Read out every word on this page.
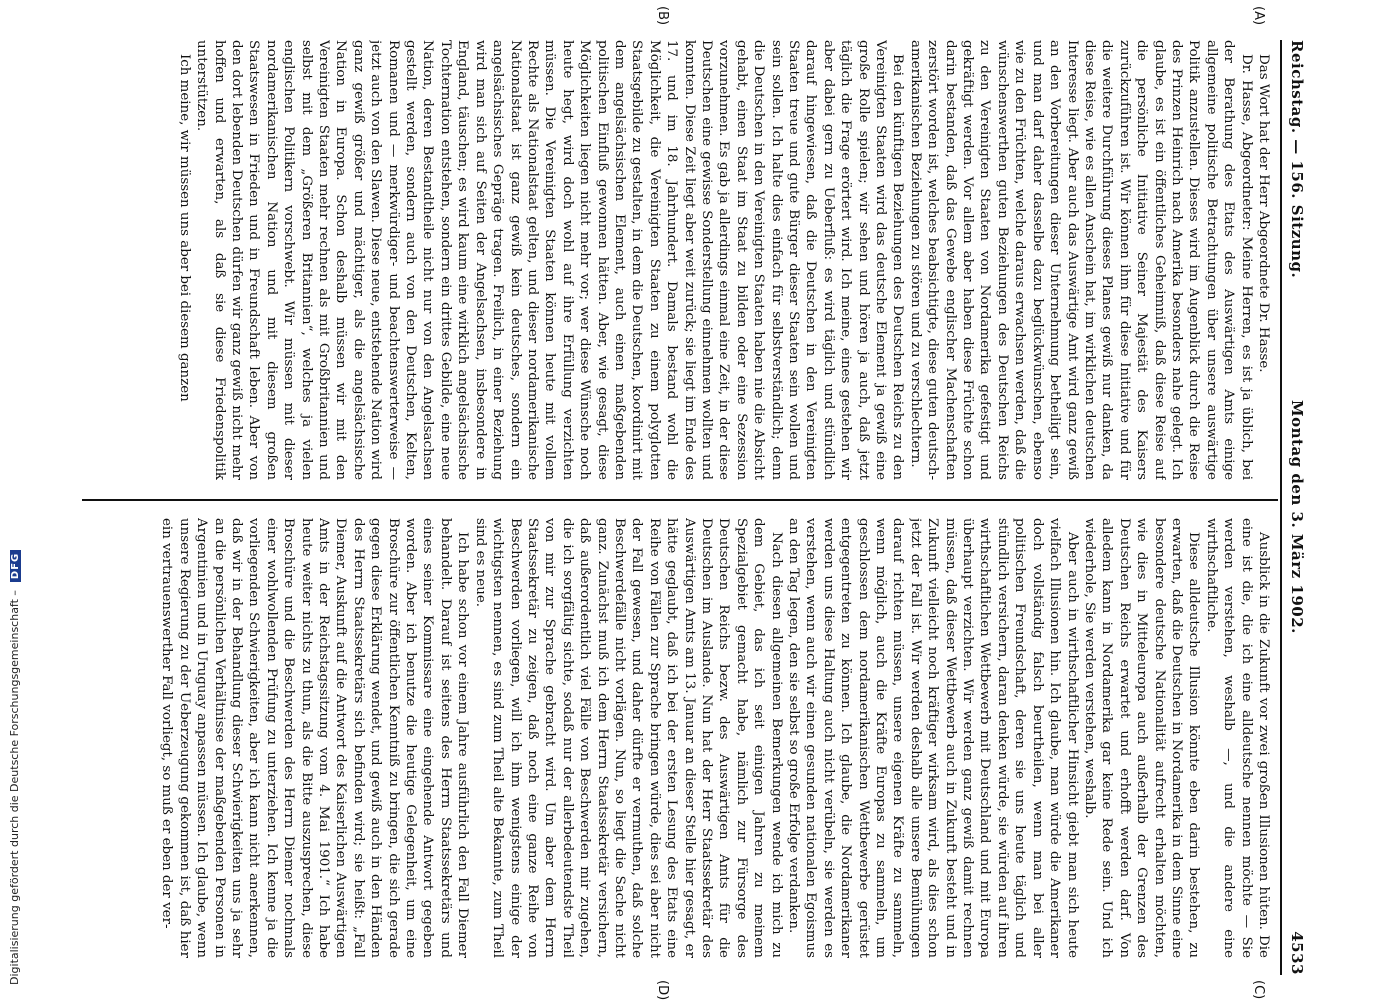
Reichstag. — 156. Sitzung.
Montag den 3. März 1902.
4533
(A)
(B)
(C)
(D)

Das Wort hat der Herr Abgeordnete Dr. Hasse.

Dr. Hasse, Abgeordneter: Meine Herren, es ist ja üblich, bei der Berathung des Etats des Auswärtigen Amts einige allgemeine politische Betrachtungen über unsere auswärtige Politik anzustellen. Dieses wird im Augenblick durch die Reise des Prinzen Heinrich nach Amerika besonders nahe gelegt. Ich glaube, es ist ein öffentliches Geheimniß, daß diese Reise auf die persönliche Initiative Seiner Majestät des Kaisers zurückzuführen ist. Wir können ihm für diese Initiative und für die weitere Durchführung dieses Planes gewiß nur danken, da diese Reise, wie es allen Anschein hat, im wirklichen deutschen Interesse liegt. Aber auch das Auswärtige Amt wird ganz gewiß an den Vorbereitungen dieser Unternehmung betheiligt sein, und man darf daher dasselbe dazu beglückwünschen, ebenso wie zu den Früchten, welche daraus erwachsen werden, daß die wünschenswerthen guten Beziehungen des Deutschen Reichs zu den Vereinigten Staaten von Nordamerika gefestigt und gekräftigt werden. Vor allem aber haben diese Früchte schon darin bestanden, daß das Gewebe englischer Machenschaften zerstört worden ist, welches beabsichtigte, diese guten deutsch-amerikanischen Beziehungen zu stören und zu verschlechtern.

Bei den künftigen Beziehungen des Deutschen Reichs zu den Vereinigten Staaten wird das deutsche Element ja gewiß eine große Rolle spielen; wir sehen und hören ja auch, daß jetzt täglich die Frage erörtert wird. Ich meine, eines gestehen wir aber dabei gern zu Ueberfluß: es wird täglich und stündlich darauf hingewiesen, daß die Deutschen in den Vereinigten Staaten treue und gute Bürger dieser Staaten sein wollen und sein sollen. Ich halte dies einfach für selbstverständlich; denn die Deutschen in den Vereinigten Staaten haben nie die Absicht gehabt, einen Staat im Staat zu bilden oder eine Sezession vorzunehmen. Es gab ja allerdings einmal eine Zeit, in der diese Deutschen eine gewisse Sonderstellung einnehmen wollten und konnten. Diese Zeit liegt aber weit zurück; sie liegt im Ende des 17. und im 18. Jahrhundert. Damals bestand wohl die Möglichkeit, die Vereinigten Staaten zu einem polyglotten Staatsgebilde zu gestalten, in dem die Deutschen, koordinirt mit dem angelsächsischen Element, auch einen maßgebenden politischen Einfluß gewonnen hätten. Aber, wie gesagt, diese Möglichkeiten liegen nicht mehr vor; wer diese Wünsche noch heute hegt, wird doch wohl auf ihre Erfüllung verzichten müssen. Die Vereinigten Staaten können heute mit vollem Rechte als Nationalstaat gelten, und dieser nordamerikanische Nationalstaat ist ganz gewiß kein deutsches, sondern ein angelsächsisches Gepräge tragen. Freilich, in einer Beziehung wird man sich auf Seiten der Angelsachsen, insbesondere in England, täuschen; es wird kaum eine wirklich angelsächsische Tochternation entstehen, sondern ein drittes Gebilde, eine neue Nation, deren Bestandtheile nicht nur von den Angelsachsen gestellt werden, sondern auch von den Deutschen, Kelten, Romanen und — merkwürdiger- und beachtenswerterweise — jetzt auch von den Slawen. Diese neue, entstehende Nation wird ganz gewiß größer und mächtiger, als die angelsächsische Nation in Europa. Schon deshalb müssen wir mit den Vereinigten Staaten mehr rechnen als mit Großbritannien und selbst mit dem „Größeren Britannien“, welches ja vielen englischen Politikern vorschwebt. Wir müssen mit dieser nordamerikanischen Nation und mit diesem großen Staatswesen in Frieden und in Freundschaft leben. Aber von den dort lebenden Deutschen dürfen wir ganz gewiß nicht mehr hoffen und erwarten, als daß sie diese Friedenspolitik unterstützen.

Ich meine, wir müssen uns aber bei diesem ganzen

Ausblick in die Zukunft vor zwei großen Illusionen hüten. Die eine ist die, die ich eine alldeutsche nennen möchte — Sie werden verstehen, weshalb —, und die andere eine wirthschaftliche.

Diese alldeutsche Illusion könnte eben darin bestehen, zu erwarten, daß die Deutschen in Nordamerika in dem Sinne eine besondere deutsche Nationalität aufrecht erhalten möchten, wie dies in Mitteleuropa auch außerhalb der Grenzen des Deutschen Reichs erwartet und erhofft werden darf. Von alledem kann in Nordamerika gar keine Rede sein. Und ich wiederhole, Sie werden verstehen, weshalb.

Aber auch in wirthschaftlicher Hinsicht giebt man sich heute vielfach Illusionen hin. Ich glaube, man würde die Amerikaner doch vollständig falsch beurtheilen, wenn man bei aller politischen Freundschaft, deren sie uns heute täglich und stündlich versichern, daran denken würde, sie würden auf ihren wirthschaftlichen Wettbewerb mit Deutschland und mit Europa überhaupt verzichten. Wir werden ganz gewiß damit rechnen müssen, daß dieser Wettbewerb auch in Zukunft besteht und in Zukunft vielleicht noch kräftiger wirksam wird, als dies schon jetzt der Fall ist. Wir werden deshalb alle unsere Bemühungen darauf richten müssen, unsere eigenen Kräfte zu sammeln, wenn möglich, auch die Kräfte Europas zu sammeln, um geschlossen dem nordamerikanischen Wettbewerbe gerüstet entgegentreten zu können. Ich glaube, die Nordamerikaner werden uns diese Haltung auch nicht verübeln, sie werden es verstehen, wenn auch wir einen gesunden nationalen Egoismus an den Tag legen, den sie selbst so große Erfolge verdanken.

Nach diesen allgemeinen Bemerkungen wende ich mich zu dem Gebiet, das ich seit einigen Jahren zu meinem Spezialgebiet gemacht habe, nämlich zur Fürsorge des Deutschen Reichs bezw. des Auswärtigen Amts für die Deutschen im Auslande. Nun hat der Herr Staatssekretär des Auswärtigen Amts am 13. Januar an dieser Stelle hier gesagt, er hätte geglaubt, daß ich bei der ersten Lesung des Etats eine Reihe von Fällen zur Sprache bringen würde, dies sei aber nicht der Fall gewesen, und daher dürfte er vermuthen, daß solche Beschwerdefälle nicht vorlägen. Nun, so liegt die Sache nicht ganz. Zunächst muß ich dem Herrn Staatssekretär versichern, daß außerordentlich viel Fälle von Beschwerden mir zugehen, die ich sorgfältig sichte, sodaß nur der allerbedeutendste Theil von mir zur Sprache gebracht wird. Um aber dem Herrn Staatssekretär zu zeigen, daß noch eine ganze Reihe von Beschwerden vorliegen, will ich ihm wenigstens einige der wichtigsten nennen, es sind zum Theil alte Bekannte, zum Theil sind es neue.

Ich habe schon vor einem Jahre ausführlich den Fall Diemer behandelt. Darauf ist seitens des Herrn Staatssekretärs und eines seiner Kommissare eine eingehende Antwort gegeben worden. Aber ich benutze die heutige Gelegenheit, um eine Broschüre zur öffentlichen Kenntniß zu bringen, die sich gerade gegen diese Erklärung wendet, und gewiß auch in den Händen des Herrn Staatssekretärs sich befinden wird; sie heißt: „Fall Diemer, Auskunft auf die Antwort des Kaiserlichen Auswärtigen Amts in der Reichstagssitzung vom 4. Mai 1901.“ Ich habe heute weiter nichts zu thun, als die Bitte auszusprechen, diese Broschüre und die Beschwerden des Herrn Diemer nochmals einer wohlwollenden Prüfung zu unterziehen. Ich kenne ja die vorliegenden Schwierigkeiten, aber ich kann nicht anerkennen, daß wir in der Behandlung dieser Schwierigkeiten uns ja sehr an die persönlichen Verhältnisse der maßgebenden Personen in Argentinien und in Uruguay anpassen müssen. Ich glaube, wenn unsere Regierung zu der Ueberzeugung gekommen ist, daß hier ein vertrauenswerther Fall vorliegt, so muß er eben der ver-

Digitalisierung gefördert durch die Deutsche Forschungsgemeinschaft –DFG
